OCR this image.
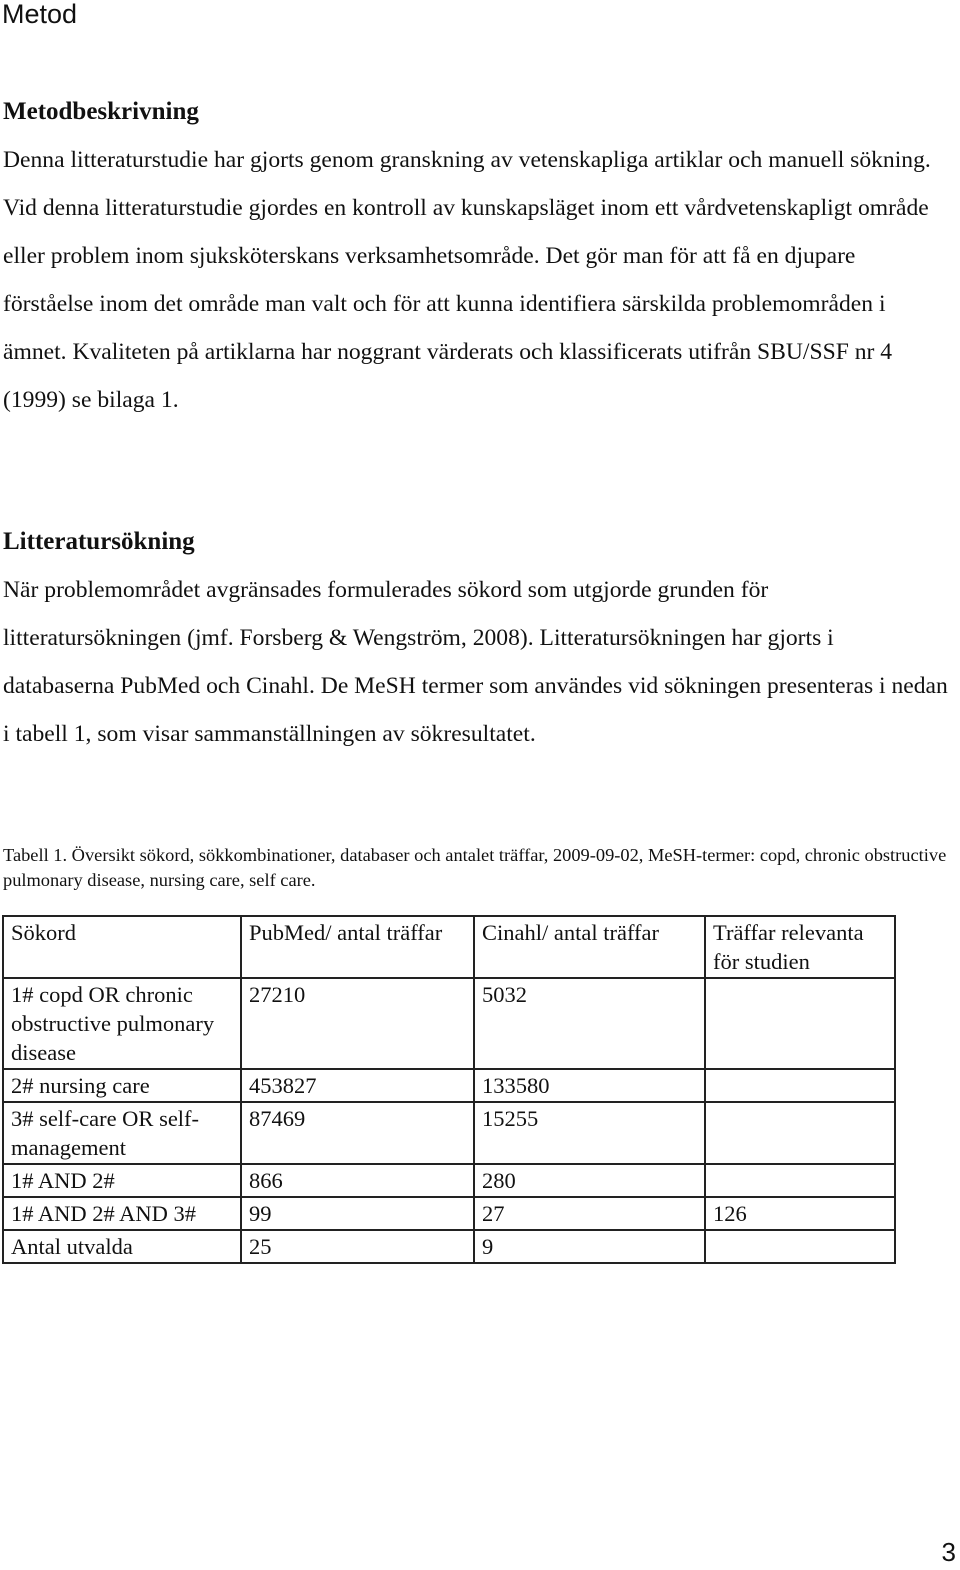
Metod
Metodbeskrivning

Denna litteraturstudie har gjorts genom granskning av vetenskapliga artiklar och manuell sökning. Vid denna litteraturstudie gjordes en kontroll av kunskapsläget inom ett vårdvetenskapligt område eller problem inom sjuksköterskans verksamhetsområde. Det gör man för att få en djupare förståelse inom det område man valt och för att kunna identifiera särskilda problemområden i ämnet. Kvaliteten på artiklarna har noggrant värderats och klassificerats utifrån SBU/SSF nr 4 (1999) se bilaga 1.

Litteratursökning

När problemområdet avgränsades formulerades sökord som utgjorde grunden för litteratursökningen (jmf. Forsberg & Wengström, 2008). Litteratursökningen har gjorts i databaserna PubMed och Cinahl. De MeSH termer som användes vid sökningen presenteras i nedan i tabell 1, som visar sammanställningen av sökresultatet.

Tabell 1. Översikt sökord, sökkombinationer, databaser och antalet träffar, 2009-09-02, MeSH-termer: copd, chronic obstructive pulmonary disease, nursing care, self care.

Sökord	PubMed/ antal träffar	Cinahl/ antal träffar	Träffar relevanta för studien
1# copd OR chronic obstructive pulmonary disease	27210	5032	
2# nursing care	453827	133580	
3# self-care OR self-management	87469	15255	
1# AND 2#	866	280	
1# AND 2# AND 3#	99	27	126
Antal utvalda	25	9	
3
